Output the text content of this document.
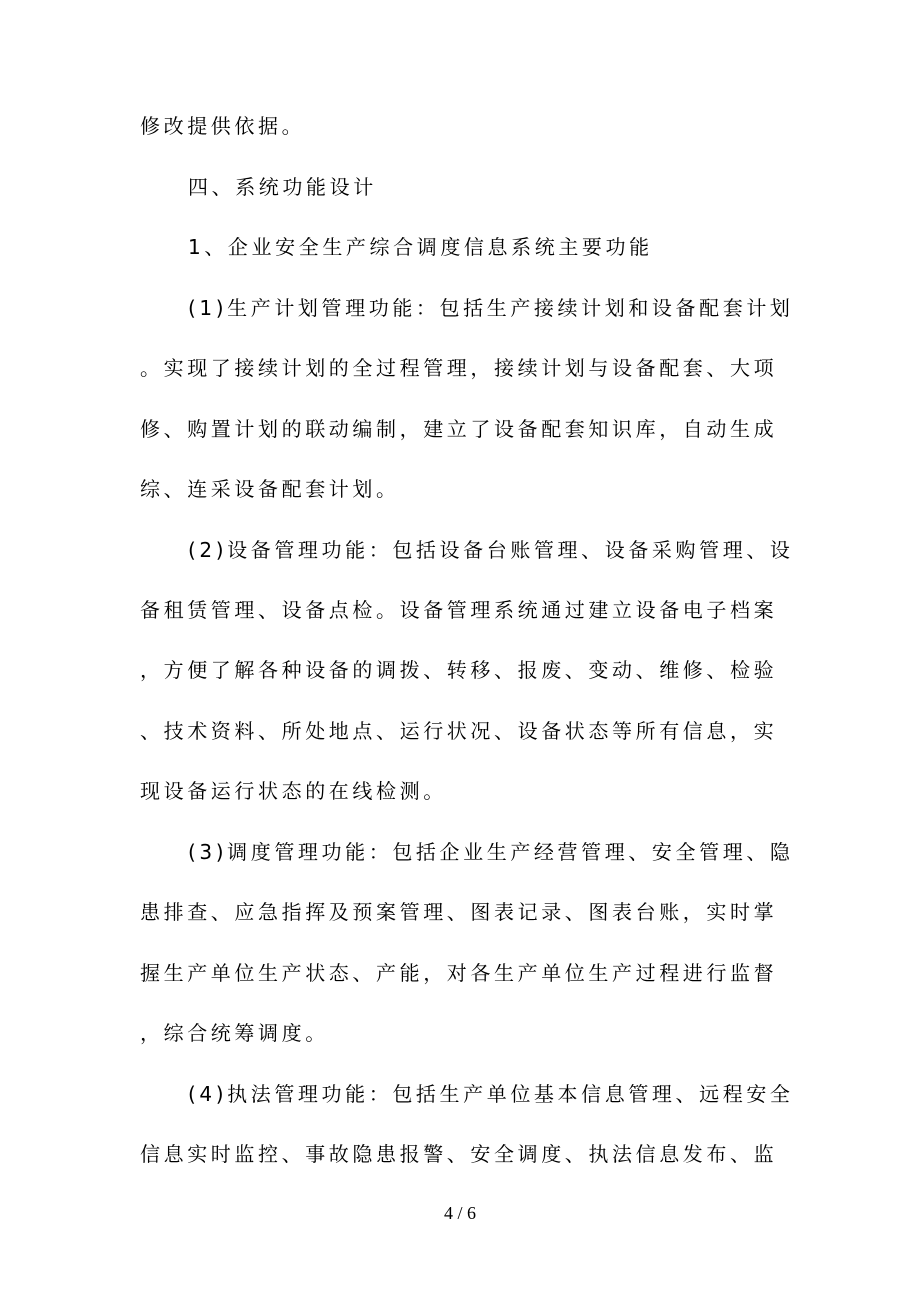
修改提供依据。
四、系统功能设计
1、企业安全生产综合调度信息系统主要功能
(1)生产计划管理功能：包括生产接续计划和设备配套计划
。实现了接续计划的全过程管理，接续计划与设备配套、大项
修、购置计划的联动编制，建立了设备配套知识库，自动生成
综、连采设备配套计划。
(2)设备管理功能：包括设备台账管理、设备采购管理、设
备租赁管理、设备点检。设备管理系统通过建立设备电子档案
，方便了解各种设备的调拨、转移、报废、变动、维修、检验
、技术资料、所处地点、运行状况、设备状态等所有信息，实
现设备运行状态的在线检测。
(3)调度管理功能：包括企业生产经营管理、安全管理、隐
患排查、应急指挥及预案管理、图表记录、图表台账，实时掌
握生产单位生产状态、产能，对各生产单位生产过程进行监督
，综合统筹调度。
(4)执法管理功能：包括生产单位基本信息管理、远程安全
信息实时监控、事故隐患报警、安全调度、执法信息发布、监
4 / 6
